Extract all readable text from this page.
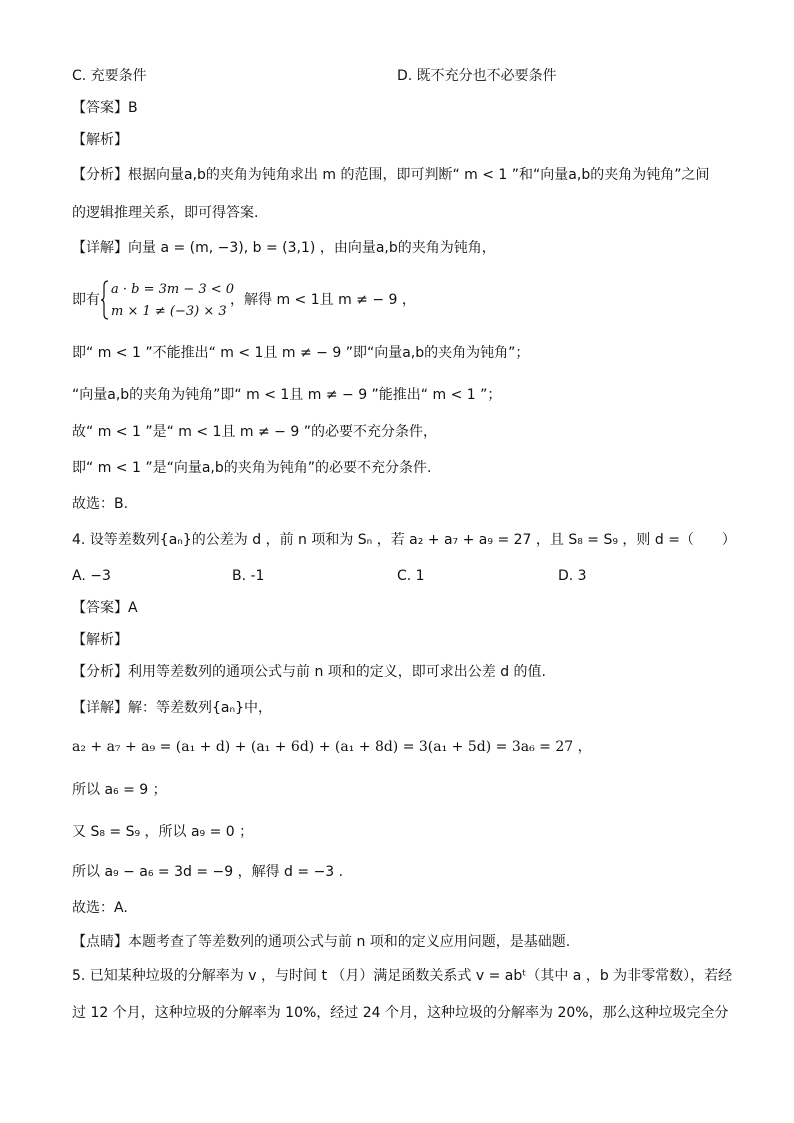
C. 充要条件	D. 既不充分也不必要条件
【答案】B
【解析】
【分析】根据向量a,b的夹角为钝角求出 m 的范围，即可判断“ m < 1 ”和“向量a,b的夹角为钝角”之间
的逻辑推理关系，即可得答案.
【详解】向量 a = (m, −3), b = (3,1) ，由向量a,b的夹角为钝角，
即有
a · b = 3m − 3 < 0
m × 1 ≠ (−3) × 3
，解得 m < 1且 m ≠ − 9 ，
即“ m < 1 ”不能推出“ m < 1且 m ≠ − 9 ”即“向量a,b的夹角为钝角”；
“向量a,b的夹角为钝角”即“ m < 1且 m ≠ − 9 ”能推出“ m < 1 ”；
故“ m < 1 ”是“ m < 1且 m ≠ − 9 ”的必要不充分条件，
即“ m < 1 ”是“向量a,b的夹角为钝角”的必要不充分条件.
故选：B.
4. 设等差数列{aₙ}的公差为 d ，前 n 项和为 Sₙ ，若 a₂ + a₇ + a₉ = 27 ，且 S₈ = S₉ ，则 d =（　　）
A. −3	B. -1	C. 1	D. 3
【答案】A
【解析】
【分析】利用等差数列的通项公式与前 n 项和的定义，即可求出公差 d 的值.
【详解】解：等差数列{aₙ}中，
a₂ + a₇ + a₉ = (a₁ + d) + (a₁ + 6d) + (a₁ + 8d) = 3(a₁ + 5d) = 3a₆ = 27 ，
所以 a₆ = 9 ；
又 S₈ = S₉ ，所以 a₉ = 0 ；
所以 a₉ − a₆ = 3d = −9 ，解得 d = −3 .
故选：A.
【点睛】本题考查了等差数列的通项公式与前 n 项和的定义应用问题，是基础题.
5. 已知某种垃圾的分解率为 v ，与时间 t （月）满足函数关系式 v = abᵗ（其中 a ，b 为非零常数），若经
过 12 个月，这种垃圾的分解率为 10%，经过 24 个月，这种垃圾的分解率为 20%，那么这种垃圾完全分
